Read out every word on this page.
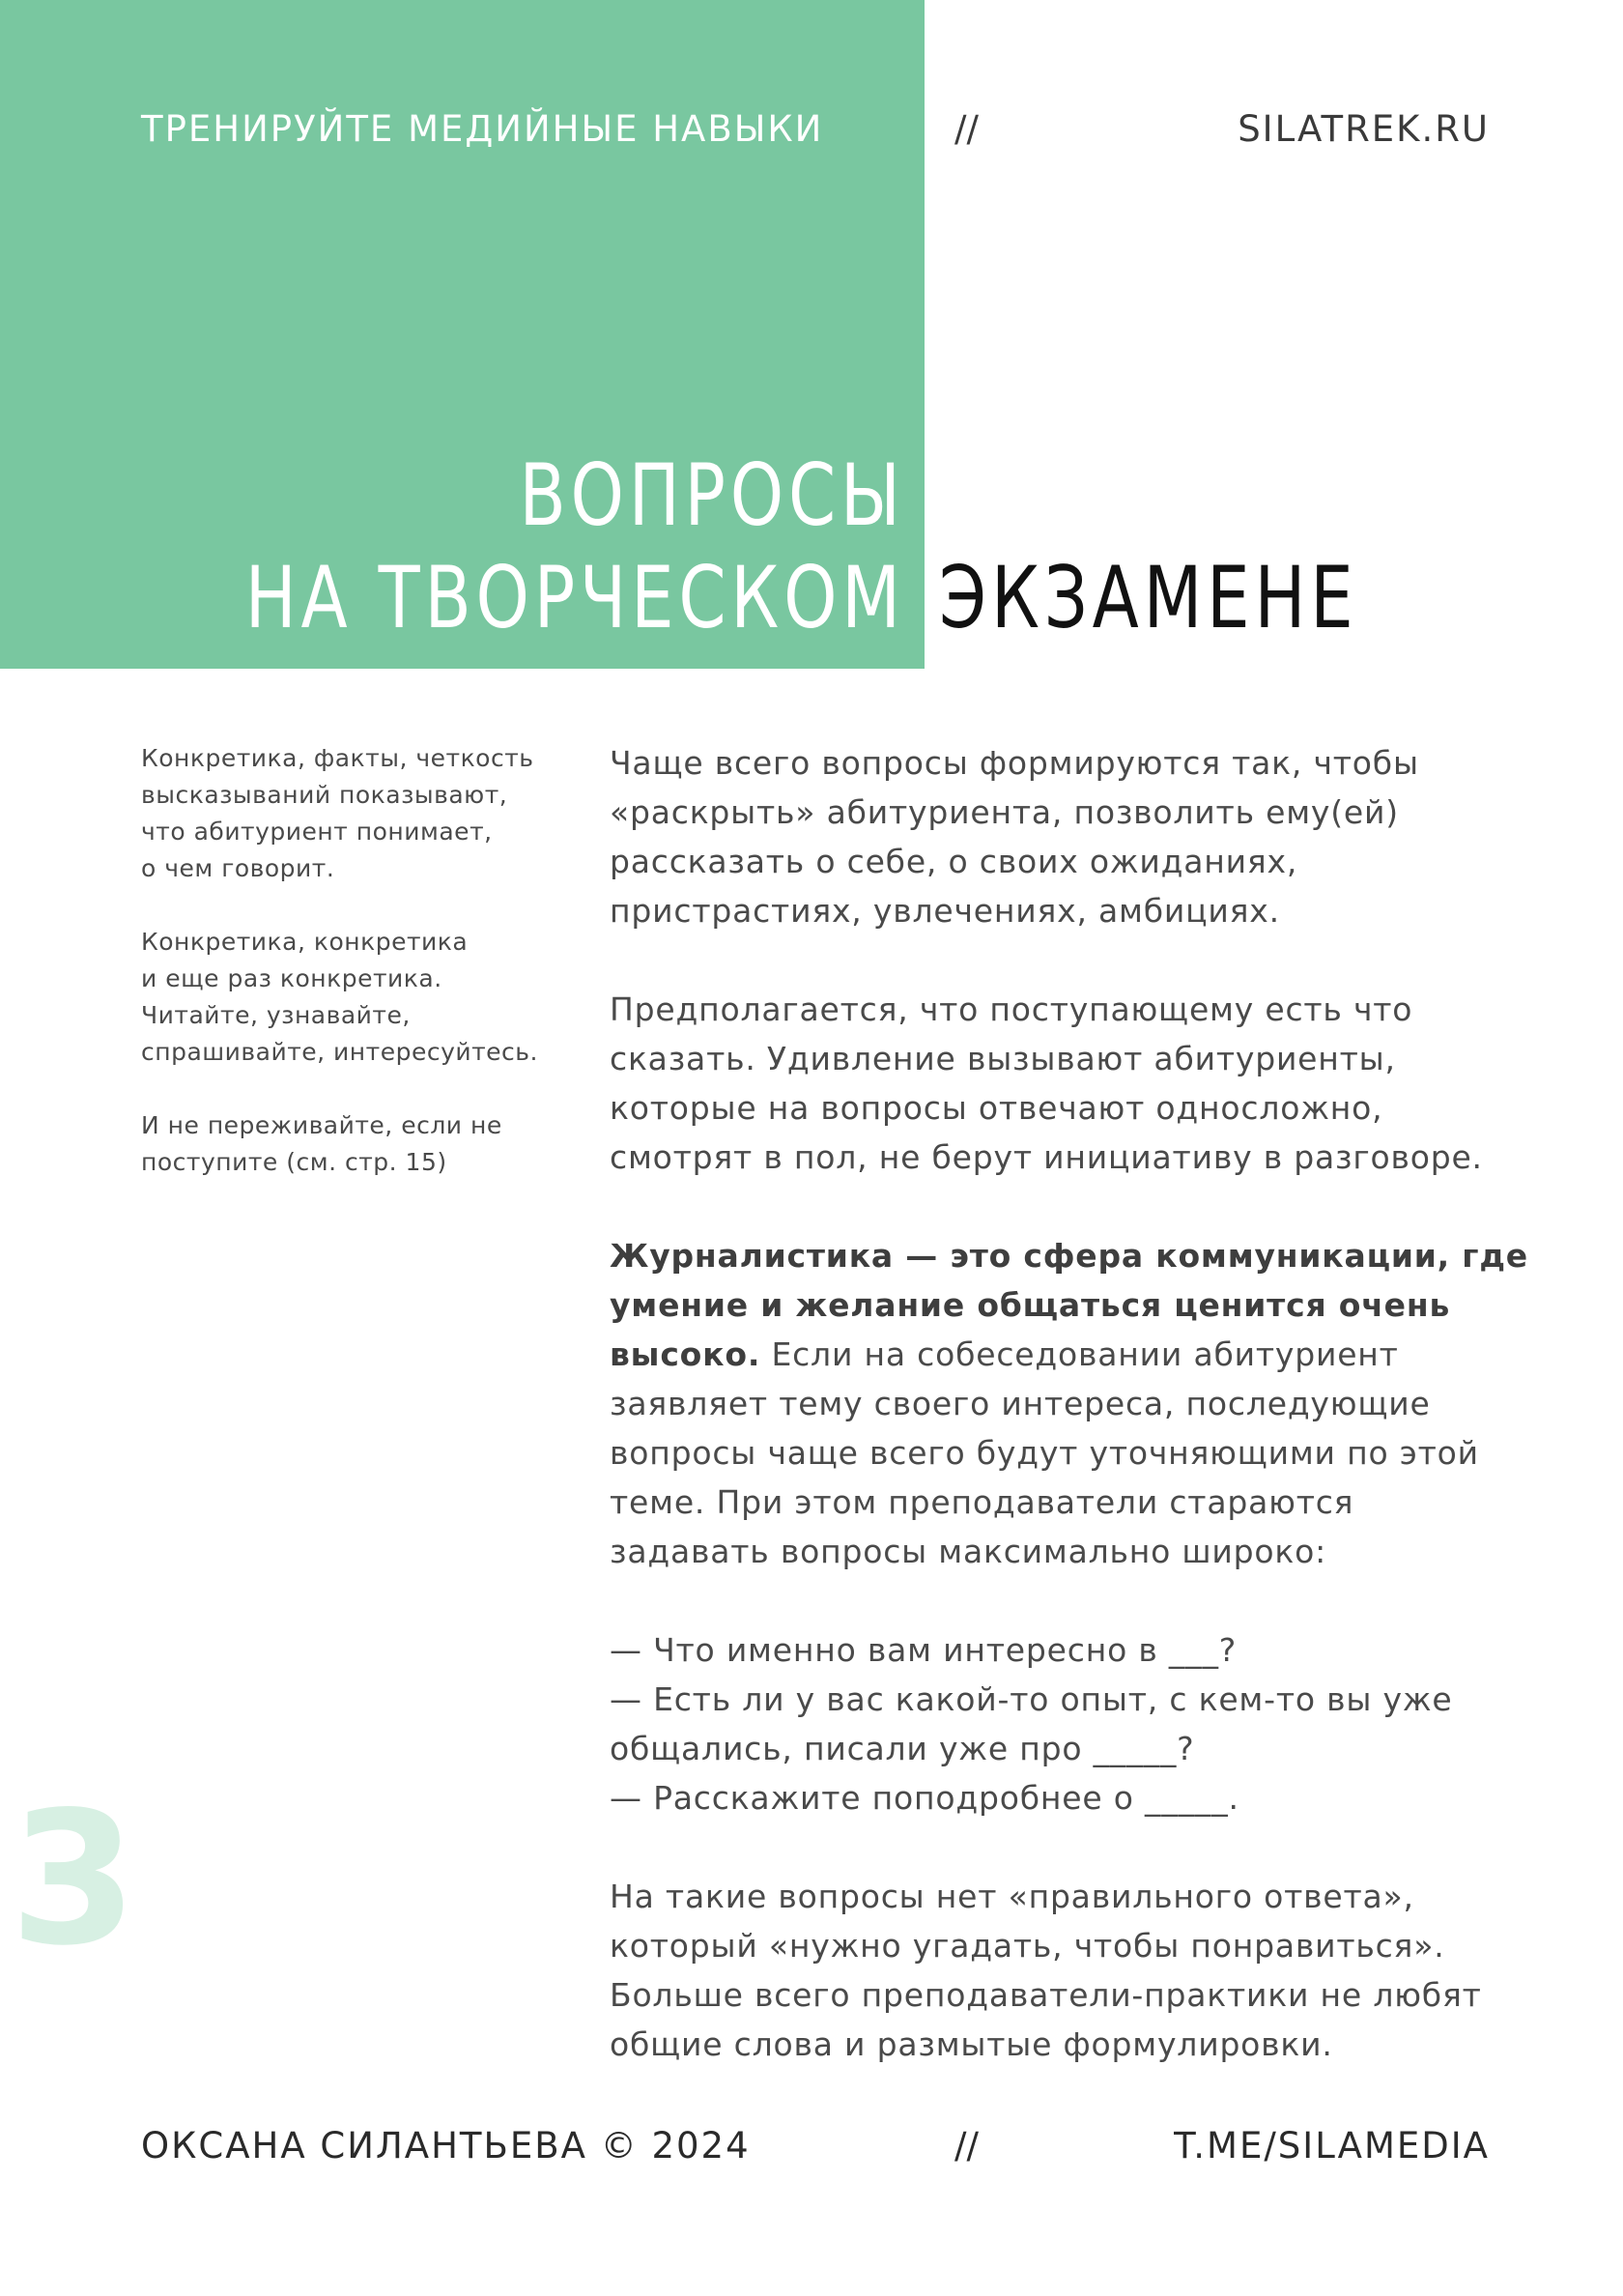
ТРЕНИРУЙТЕ МЕДИЙНЫЕ НАВЫКИ	//	SILATREK.RU
ВОПРОСЫ
НА ТВОРЧЕСКОМ ЭКЗАМЕНЕ

Конкретика, факты, четкость
высказываний показывают,
что абитуриент понимает,
о чем говорит.

Конкретика, конкретика
и еще раз конкретика.
Читайте, узнавайте,
спрашивайте, интересуйтесь.

И не переживайте, если не
поступите (см. стр. 15)

Чаще всего вопросы формируются так, чтобы
«раскрыть» абитуриента, позволить ему(ей)
рассказать о себе, о своих ожиданиях,
пристрастиях, увлечениях, амбициях.

Предполагается, что поступающему есть что
сказать. Удивление вызывают абитуриенты,
которые на вопросы отвечают односложно,
смотрят в пол, не берут инициативу в разговоре.

Журналистика — это сфера коммуникации, где
умение и желание общаться ценится очень
высоко. Если на собеседовании абитуриент
заявляет тему своего интереса, последующие
вопросы чаще всего будут уточняющими по этой
теме. При этом преподаватели стараются
задавать вопросы максимально широко:

— Что именно вам интересно в ___?
— Есть ли у вас какой-то опыт, с кем-то вы уже
общались, писали уже про _____?
— Расскажите поподробнее о _____.

На такие вопросы нет «правильного ответа»,
который «нужно угадать, чтобы понравиться».
Больше всего преподаватели-практики не любят
общие слова и размытые формулировки.

3
ОКСАНА СИЛАНТЬЕВА © 2024	//	T.ME/SILAMEDIA
